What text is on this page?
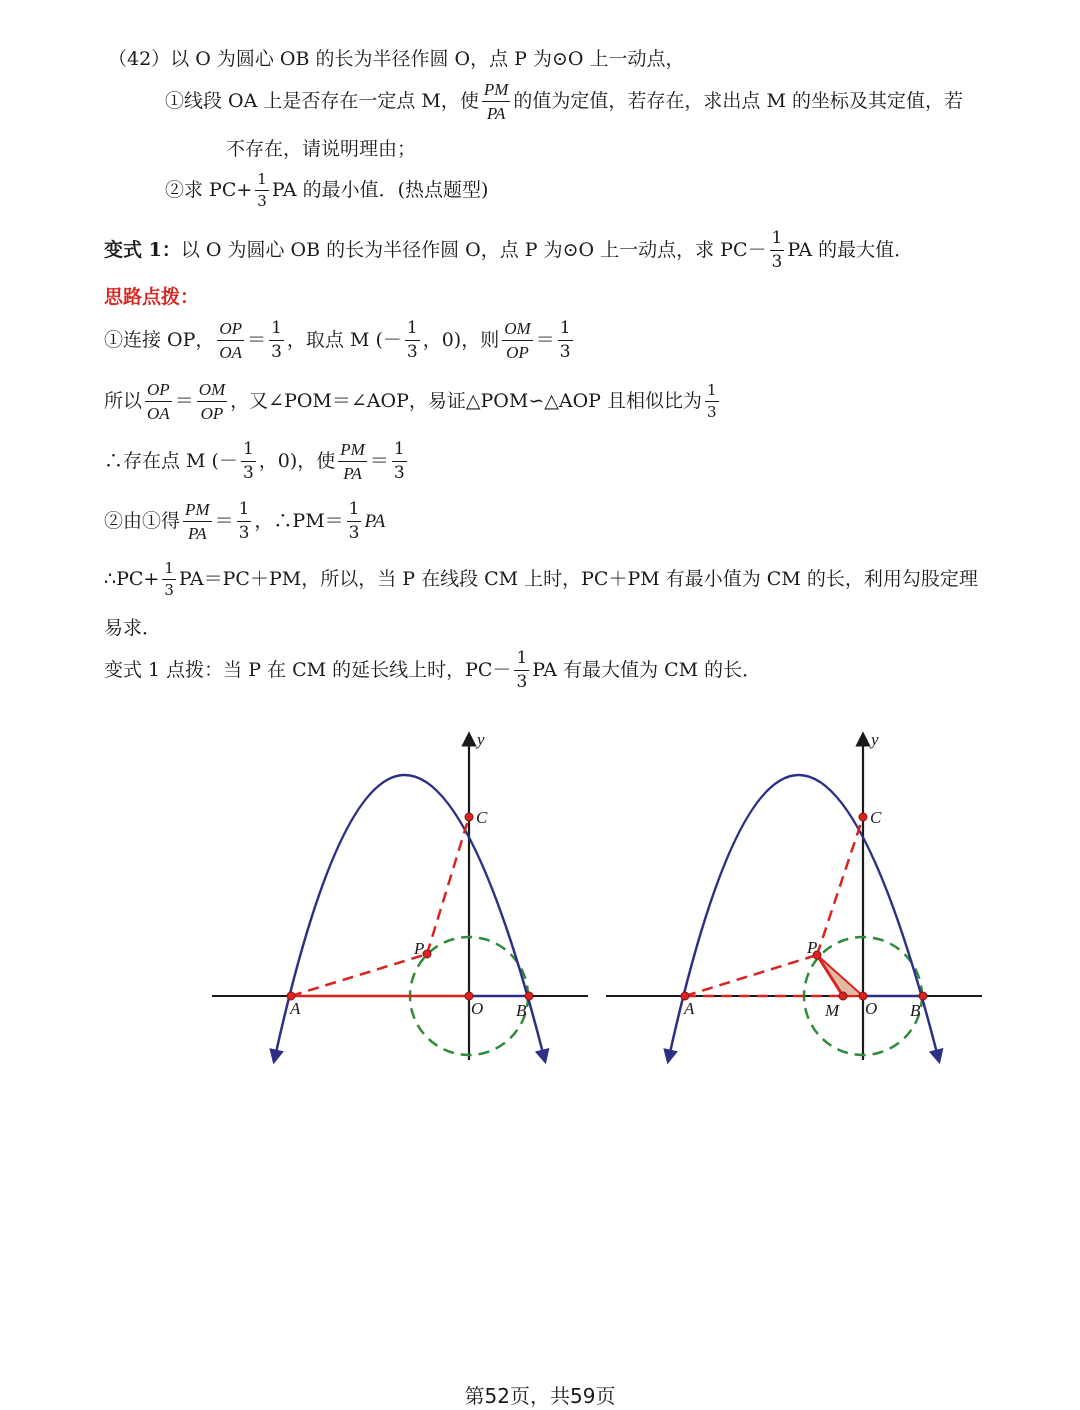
（42） 以 O 为圆心 OB 的长为半径作圆 O，点 P 为⊙O 上一动点，
①线段 OA 上是否存在一定点 M，使 $\frac{PM}{PA}$ 的值为定值，若存在，求出点 M 的坐标及其定值，若
不存在，请说明理由；
②求 $PC+ \frac{1}{3}$ PA 的最小值．(热点题型)
变式 1： 以 O 为圆心 OB 的长为半径作圆 O，点 P 为⊙O 上一动点，求 $PC- \frac{1}{3}$ PA 的最大值．
思路点拨：
①连接 OP， $\frac{OP}{OA} = \frac{1}{3}$ ，取点 M (－ $\frac{1}{3}$ ，0)，则 $\frac{OM}{OP} = \frac{1}{3}$
所以 $\frac{OP}{OA} = \frac{OM}{OP}$ ，又∠POM＝∠AOP，易证△POM∽△AOP 且相似比为 $\frac{1}{3}$
∴存在点 M (－ $\frac{1}{3}$ ，0)，使 $\frac{PM}{PA} = \frac{1}{3}$
②由①得 $\frac{PM}{PA} = \frac{1}{3}$ ，∴PM＝ $\frac{1}{3}$ PA
∴PC+ $\frac{1}{3} PA=PC+PM$，所以，当 P 在线段 CM 上时，PC＋PM 有最小值为 CM 的长，利用勾股定理
易求．
变式 1 点拨：当 P 在 CM 的延长线上时，$PC- \frac{1}{3}$ PA 有最大值为 CM 的长．
y
A	O B
C
P
y
A	M O B
C
P
第52页，共59页
